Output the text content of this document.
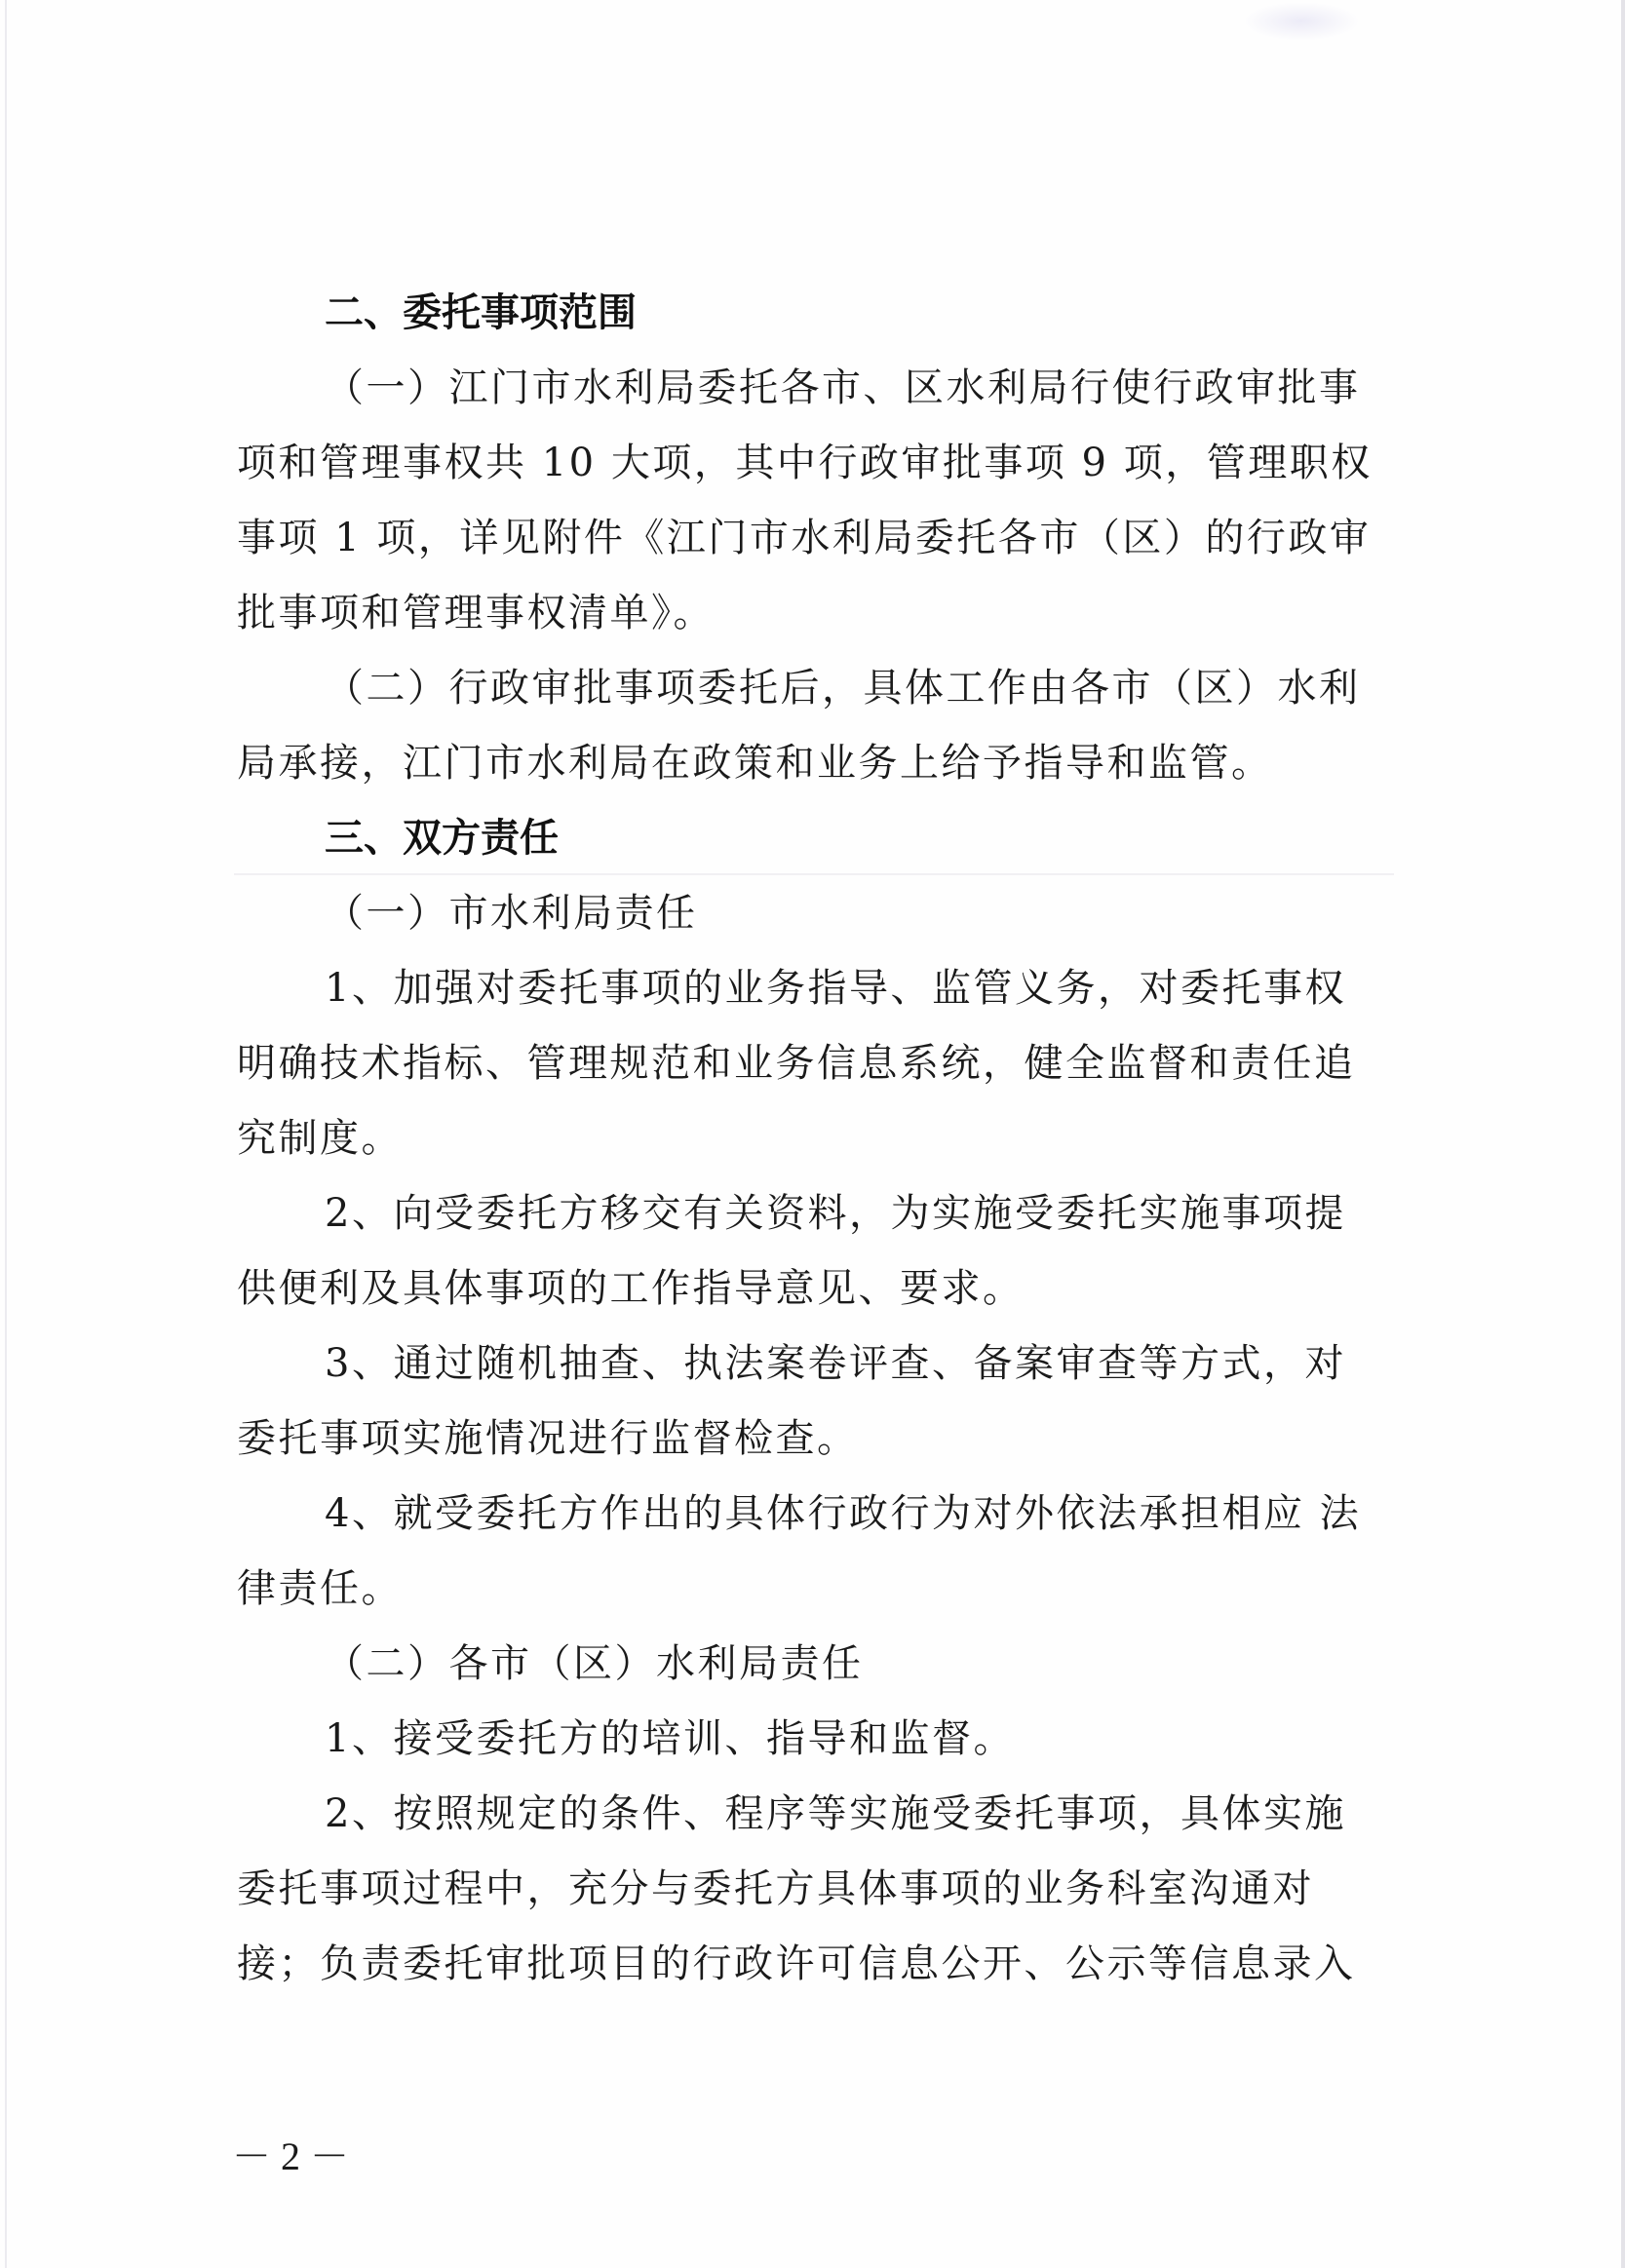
二、委托事项范围
（一）江门市水利局委托各市、区水利局行使行政审批事
项和管理事权共 10 大项，其中行政审批事项 9 项，管理职权
事项 1 项，详见附件《江门市水利局委托各市（区）的行政审
批事项和管理事权清单》。
（二）行政审批事项委托后，具体工作由各市（区）水利
局承接，江门市水利局在政策和业务上给予指导和监管。
三、双方责任
（一）市水利局责任
1、加强对委托事项的业务指导、监管义务，对委托事权
明确技术指标、管理规范和业务信息系统，健全监督和责任追
究制度。
2、向受委托方移交有关资料，为实施受委托实施事项提
供便利及具体事项的工作指导意见、要求。
3、通过随机抽查、执法案卷评查、备案审查等方式，对
委托事项实施情况进行监督检查。
4、就受委托方作出的具体行政行为对外依法承担相应 法
律责任。
（二）各市（区）水利局责任
1、接受委托方的培训、指导和监督。
2、按照规定的条件、程序等实施受委托事项，具体实施
委托事项过程中，充分与委托方具体事项的业务科室沟通对
接；负责委托审批项目的行政许可信息公开、公示等信息录入
－ 2 －
